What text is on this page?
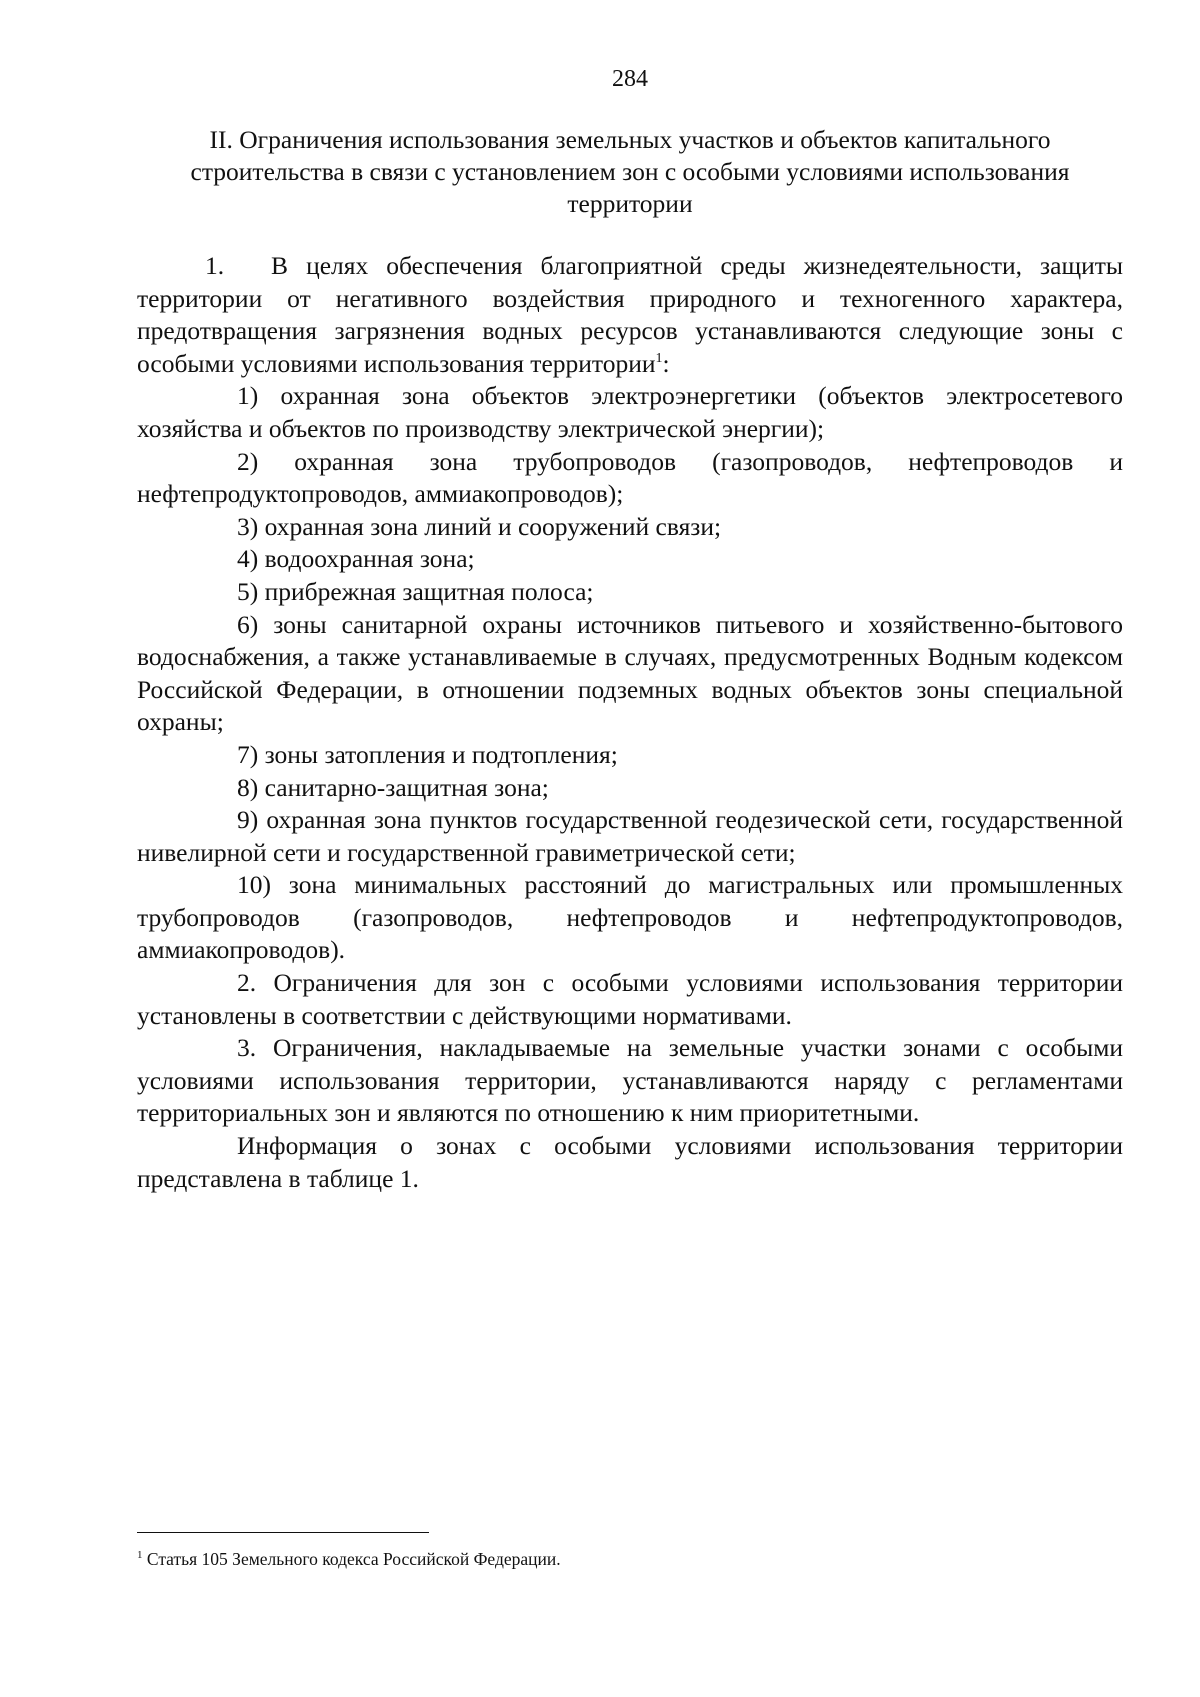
284
II. Ограничения использования земельных участков и объектов капитального строительства в связи с установлением зон с особыми условиями использования территории

1. В целях обеспечения благоприятной среды жизнедеятельности, защиты территории от негативного воздействия природного и техногенного характера, предотвращения загрязнения водных ресурсов устанавливаются следующие зоны с особыми условиями использования территории$^1$:

1) охранная зона объектов электроэнергетики (объектов электросетевого хозяйства и объектов по производству электрической энергии);

2) охранная зона трубопроводов (газопроводов, нефтепроводов и нефтепродуктопроводов, аммиакопроводов);

3) охранная зона линий и сооружений связи;

4) водоохранная зона;

5) прибрежная защитная полоса;

6) зоны санитарной охраны источников питьевого и хозяйственно-бытового водоснабжения, а также устанавливаемые в случаях, предусмотренных Водным кодексом Российской Федерации, в отношении подземных водных объектов зоны специальной охраны;

7) зоны затопления и подтопления;

8) санитарно-защитная зона;

9) охранная зона пунктов государственной геодезической сети, государственной нивелирной сети и государственной гравиметрической сети;

10) зона минимальных расстояний до магистральных или промышленных трубопроводов (газопроводов, нефтепроводов и нефтепродуктопроводов, аммиакопроводов).

2. Ограничения для зон с особыми условиями использования территории установлены в соответствии с действующими нормативами.

3. Ограничения, накладываемые на земельные участки зонами с особыми условиями использования территории, устанавливаются наряду с регламентами территориальных зон и являются по отношению к ним приоритетными.

Информация о зонах с особыми условиями использования территории представлена в таблице 1.

$^1$ Статья 105 Земельного кодекса Российской Федерации.
